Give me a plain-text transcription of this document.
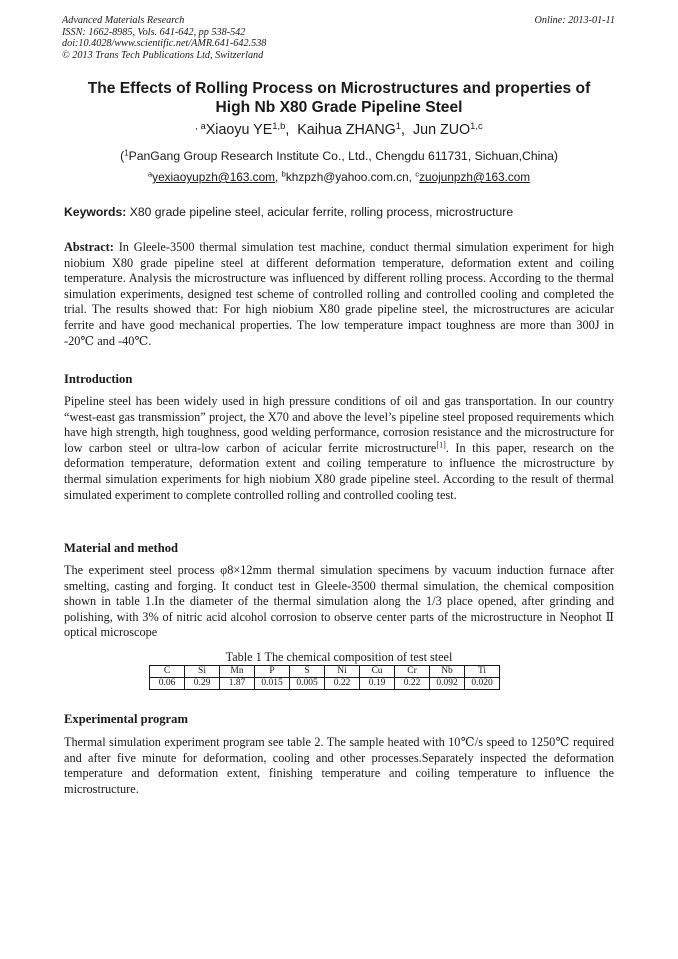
Advanced Materials Research
ISSN: 1662-8985, Vols. 641-642, pp 538-542
doi:10.4028/www.scientific.net/AMR.641-642.538
© 2013 Trans Tech Publications Ltd, Switzerland
Online: 2013-01-11
The Effects of Rolling Process on Microstructures and properties of
High Nb X80 Grade Pipeline Steel
$^{, a}$Xiaoyu YE$^{1,b}$,  Kaihua ZHANG$^1$,  Jun ZUO$^{1,c}$
($^1$PanGang Group Research Institute Co., Ltd., Chengdu 611731, Sichuan,China)
$^a$yexiaoyupzh@163.com, $^b$khzpzh@yahoo.com.cn, $^c$zuojunpzh@163.com
Keywords: X80 grade pipeline steel, acicular ferrite, rolling process, microstructure
Abstract: In Gleele-3500 thermal simulation test machine, conduct thermal simulation experiment for high niobium X80 grade pipeline steel at different deformation temperature, deformation extent and coiling temperature. Analysis the microstructure was influenced by different rolling process. According to the thermal simulation experiments, designed test scheme of controlled rolling and controlled cooling and completed the trial. The results showed that: For high niobium X80 grade pipeline steel, the microstructures are acicular ferrite and have good mechanical properties. The low temperature impact toughness are more than 300J in -20℃ and -40℃.
Introduction
Pipeline steel has been widely used in high pressure conditions of oil and gas transportation. In our country “west-east gas transmission” project, the X70 and above the level’s pipeline steel proposed requirements which have high strength, high toughness, good welding performance, corrosion resistance and the microstructure for low carbon steel or ultra-low carbon of acicular ferrite microstructure[1]. In this paper, research on the deformation temperature, deformation extent and coiling temperature to influence the microstructure by thermal simulation experiments for high niobium X80 grade pipeline steel. According to the result of thermal simulated experiment to complete controlled rolling and controlled cooling test.
Material and method
The experiment steel process φ8×12mm thermal simulation specimens by vacuum induction furnace after smelting, casting and forging. It conduct test in Gleele-3500 thermal simulation, the chemical composition shown in table 1.In the diameter of the thermal simulation along the 1/3 place opened, after grinding and polishing, with 3% of nitric acid alcohol corrosion to observe center parts of the microstructure in Neophot Ⅱ optical microscope
Table 1 The chemical composition of test steel
C	Si	Mn	P	S	Ni	Cu	Cr	Nb	Ti
0.06	0.29	1.87	0.015	0.005	0.22	0.19	0.22	0.092	0.020
Experimental program
Thermal simulation experiment program see table 2. The sample heated with 10℃/s speed to 1250℃ required and after five minute for deformation, cooling and other processes.Separately inspected the deformation temperature and deformation extent, finishing temperature and coiling temperature to influence the microstructure.
